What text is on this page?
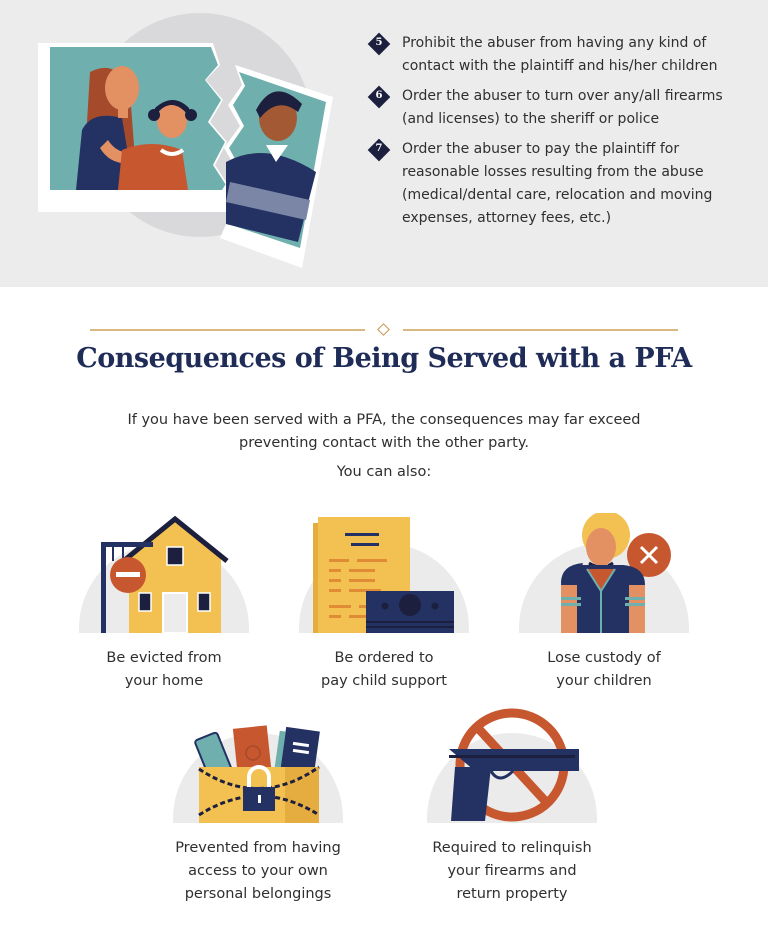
5	Prohibit the abuser from having any kind of contact with the plaintiff and his/her children
6	Order the abuser to turn over any/all firearms (and licenses) to the sheriff or police
7	Order the abuser to pay the plaintiff for reasonable losses resulting from the abuse (medical/dental care, relocation and moving expenses, attorney fees, etc.)
Consequences of Being Served with a PFA

If you have been served with a PFA, the consequences may far exceed preventing contact with the other party.

You can also:

Be evicted from your home
Be ordered to pay child support
Lose custody of your children
Prevented from having access to your own personal belongings
Required to relinquish your firearms and return property
